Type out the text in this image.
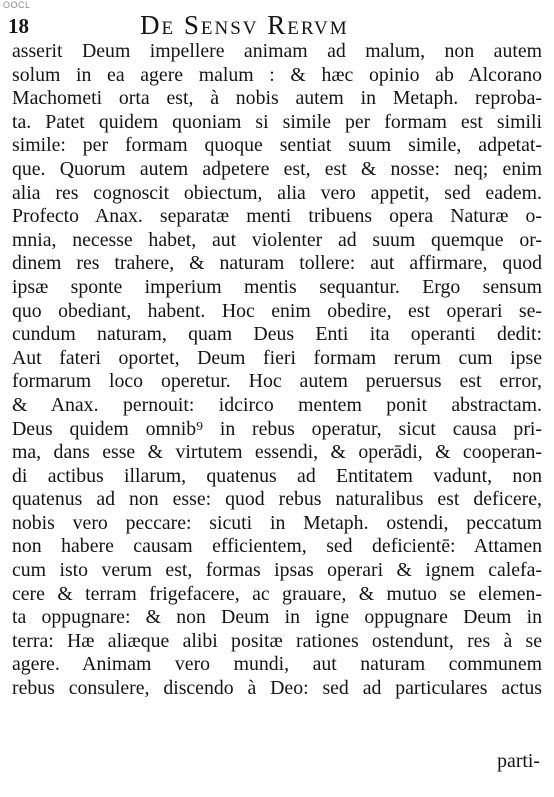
OOCL
18	De Sensv Rervm
asserit Deum impellere animam ad malum, non autem
solum in ea agere malum : & hæc opinio ab Alcorano
Machometi orta est, à nobis autem in Metaph. reproba-
ta. Patet quidem quoniam si simile per formam est simili
simile: per formam quoque sentiat suum simile, adpetat-
que. Quorum autem adpetere est, est & nosse: neq; enim
alia res cognoscit obiectum, alia vero appetit, sed eadem.
Profecto Anax. separatæ menti tribuens opera Naturæ o-
mnia, necesse habet, aut violenter ad suum quemque or-
dinem res trahere, & naturam tollere: aut affirmare, quod
ipsæ sponte imperium mentis sequantur. Ergo sensum
quo obediant, habent. Hoc enim obedire, est operari se-
cundum naturam, quam Deus Enti ita operanti dedit:
Aut fateri oportet, Deum fieri formam rerum cum ipse
formarum loco operetur. Hoc autem peruersus est error,
& Anax. pernouit: idcirco mentem ponit abstractam.
Deus quidem omnib⁹ in rebus operatur, sicut causa pri-
ma, dans esse & virtutem essendi, & operādi, & cooperan-
di actibus illarum, quatenus ad Entitatem vadunt, non
quatenus ad non esse: quod rebus naturalibus est deficere,
nobis vero peccare: sicuti in Metaph. ostendi, peccatum
non habere causam efficientem, sed deficientē: Attamen
cum isto verum est, formas ipsas operari & ignem calefa-
cere & terram frigefacere, ac grauare, & mutuo se elemen-
ta oppugnare: & non Deum in igne oppugnare Deum in
terra: Hæ aliæque alibi positæ rationes ostendunt, res à se
agere. Animam vero mundi, aut naturam communem
rebus consulere, discendo à Deo: sed ad particulares actus
parti-
